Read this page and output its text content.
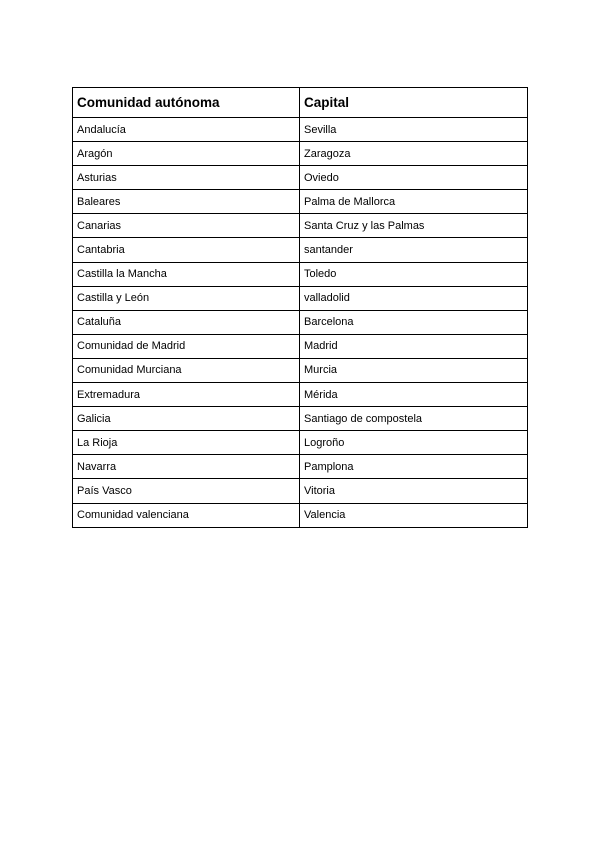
Comunidad autónoma	Capital
Andalucía	Sevilla
Aragón	Zaragoza
Asturias	Oviedo
Baleares	Palma de Mallorca
Canarias	Santa Cruz y las Palmas
Cantabria	santander
Castilla la Mancha	Toledo
Castilla y León	valladolid
Cataluña	Barcelona
Comunidad de Madrid	Madrid
Comunidad Murciana	Murcia
Extremadura	Mérida
Galicia	Santiago de compostela
La Rioja	Logroño
Navarra	Pamplona
País Vasco	Vitoria
Comunidad valenciana	Valencia
